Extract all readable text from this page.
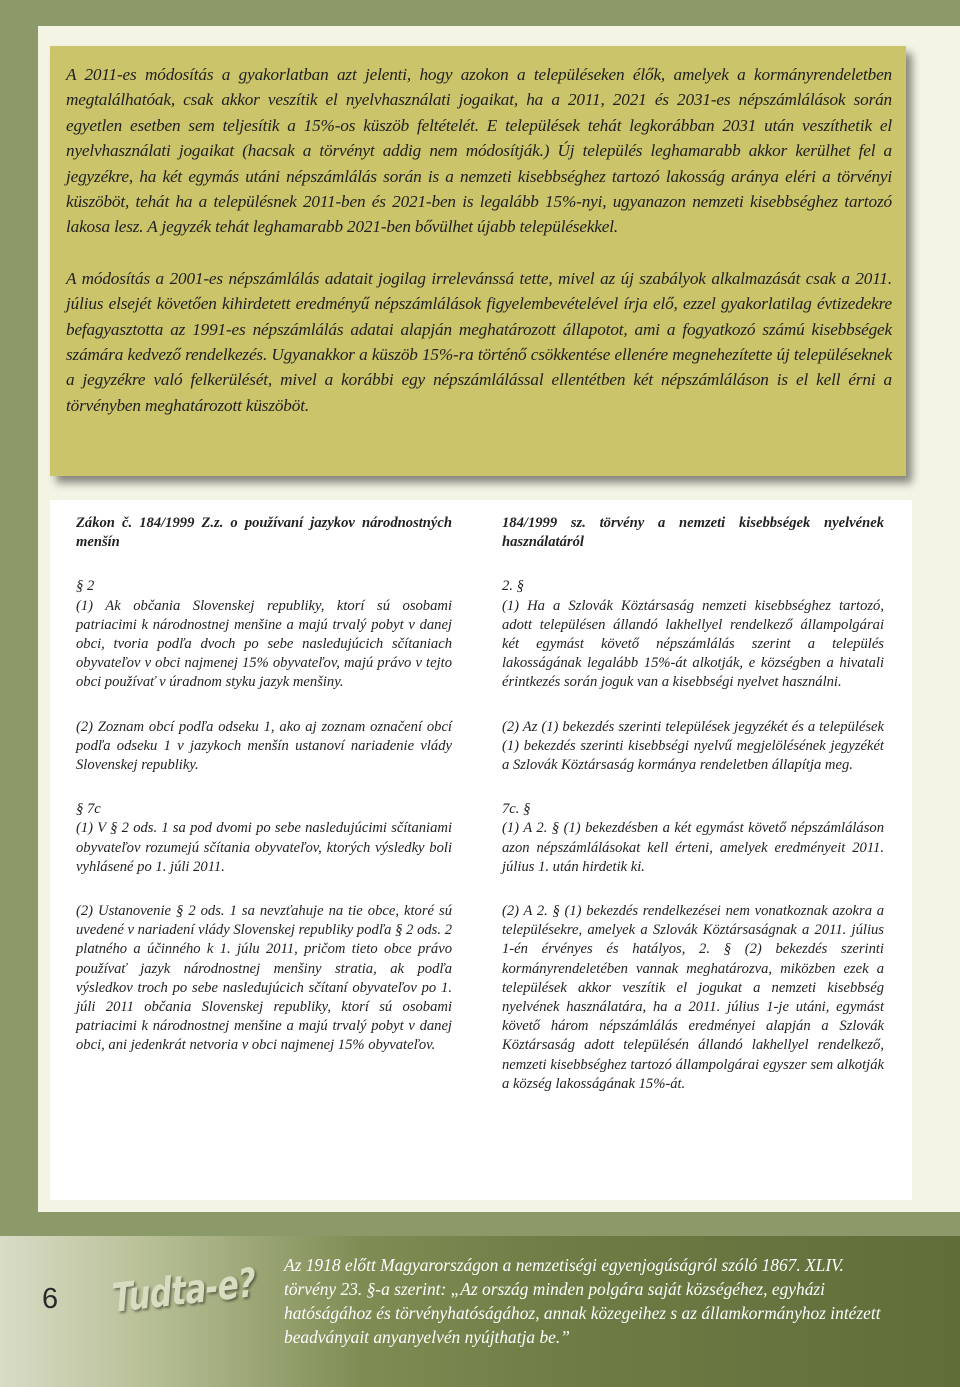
A 2011-es módosítás a gyakorlatban azt jelenti, hogy azokon a településeken élők, amelyek a kormányrendeletben megtalálhatóak, csak akkor veszítik el nyelvhasználati jogaikat, ha a 2011, 2021 és 2031-es népszámlálások során egyetlen esetben sem teljesítik a 15%-os küszöb feltételét. E települések tehát legkorábban 2031 után veszíthetik el nyelvhasználati jogaikat (hacsak a törvényt addig nem módosítják.) Új település leghamarabb akkor kerülhet fel a jegyzékre, ha két egymás utáni népszámlálás során is a nemzeti kisebbséghez tartozó lakosság aránya eléri a törvényi küszöböt, tehát ha a településnek 2011-ben és 2021-ben is legalább 15%-nyi, ugyanazon nemzeti kisebbséghez tartozó lakosa lesz. A jegyzék tehát leghamarabb 2021-ben bővülhet újabb településekkel.

A módosítás a 2001-es népszámlálás adatait jogilag irrelevánssá tette, mivel az új szabályok alkalmazását csak a 2011. július elsejét követően kihirdetett eredményű népszámlálások figyelembevételével írja elő, ezzel gyakorlatilag évtizedekre befagyasztotta az 1991-es népszámlálás adatai alapján meghatározott állapotot, ami a fogyatkozó számú kisebbségek számára kedvező rendelkezés. Ugyanakkor a küszöb 15%-ra történő csökkentése ellenére megnehezítette új településeknek a jegyzékre való felkerülését, mivel a korábbi egy népszámlálással ellentétben két népszámláláson is el kell érni a törvényben meghatározott küszöböt.

Zákon č. 184/1999 Z.z. o používaní jazykov národnostných menšín

§ 2

(1) Ak občania Slovenskej republiky, ktorí sú osobami patriacimi k národnostnej menšine a majú trvalý pobyt v danej obci, tvoria podľa dvoch po sebe nasledujúcich sčítaniach obyvateľov v obci najmenej 15% obyvateľov, majú právo v tejto obci používať v úradnom styku jazyk menšiny.

(2) Zoznam obcí podľa odseku 1, ako aj zoznam označení obcí podľa odseku 1 v jazykoch menšín ustanoví nariadenie vlády Slovenskej republiky.

§ 7c

(1) V § 2 ods. 1 sa pod dvomi po sebe nasledujúcimi sčítaniami obyvateľov rozumejú sčítania obyvateľov, ktorých výsledky boli vyhlásené po 1. júli 2011.

(2) Ustanovenie § 2 ods. 1 sa nevzťahuje na tie obce, ktoré sú uvedené v nariadení vlády Slovenskej republiky podľa § 2 ods. 2 platného a účinného k 1. júlu 2011, pričom tieto obce právo používať jazyk národnostnej menšiny stratia, ak podľa výsledkov troch po sebe nasledujúcich sčítaní obyvateľov po 1. júli 2011 občania Slovenskej republiky, ktorí sú osobami patriacimi k národnostnej menšine a majú trvalý pobyt v danej obci, ani jedenkrát netvoria v obci najmenej 15% obyvateľov.

184/1999 sz. törvény a nemzeti kisebbségek nyelvének használatáról

2. §

(1) Ha a Szlovák Köztársaság nemzeti kisebbséghez tartozó, adott településen állandó lakhellyel rendelkező állampolgárai két egymást követő népszámlálás szerint a település lakosságának legalább 15%-át alkotják, e községben a hivatali érintkezés során joguk van a kisebbségi nyelvet használni.

(2) Az (1) bekezdés szerinti települések jegyzékét és a települések (1) bekezdés szerinti kisebbségi nyelvű megjelölésének jegyzékét a Szlovák Köztársaság kormánya rendeletben állapítja meg.

7c. §

(1) A 2. § (1) bekezdésben a két egymást követő népszámláláson azon népszámlálásokat kell érteni, amelyek eredményeit 2011. július 1. után hirdetik ki.

(2) A 2. § (1) bekezdés rendelkezései nem vonatkoznak azokra a településekre, amelyek a Szlovák Köztársaságnak a 2011. július 1-én érvényes és hatályos, 2. § (2) bekezdés szerinti kormányrendeletében vannak meghatározva, miközben ezek a települések akkor veszítik el jogukat a nemzeti kisebbség nyelvének használatára, ha a 2011. július 1-je utáni, egymást követő három népszámlálás eredményei alapján a Szlovák Köztársaság adott településén állandó lakhellyel rendelkező, nemzeti kisebbséghez tartozó állampolgárai egyszer sem alkotják a község lakosságának 15%-át.

6 Tudta-e? Az 1918 előtt Magyarországon a nemzetiségi egyenjogúságról szóló 1867. XLIV. törvény 23. §-a szerint: „Az ország minden polgára saját községéhez, egyházi hatóságához és törvényhatóságához, annak közegeihez s az államkormányhoz intézett beadványait anyanyelvén nyújthatja be.”
